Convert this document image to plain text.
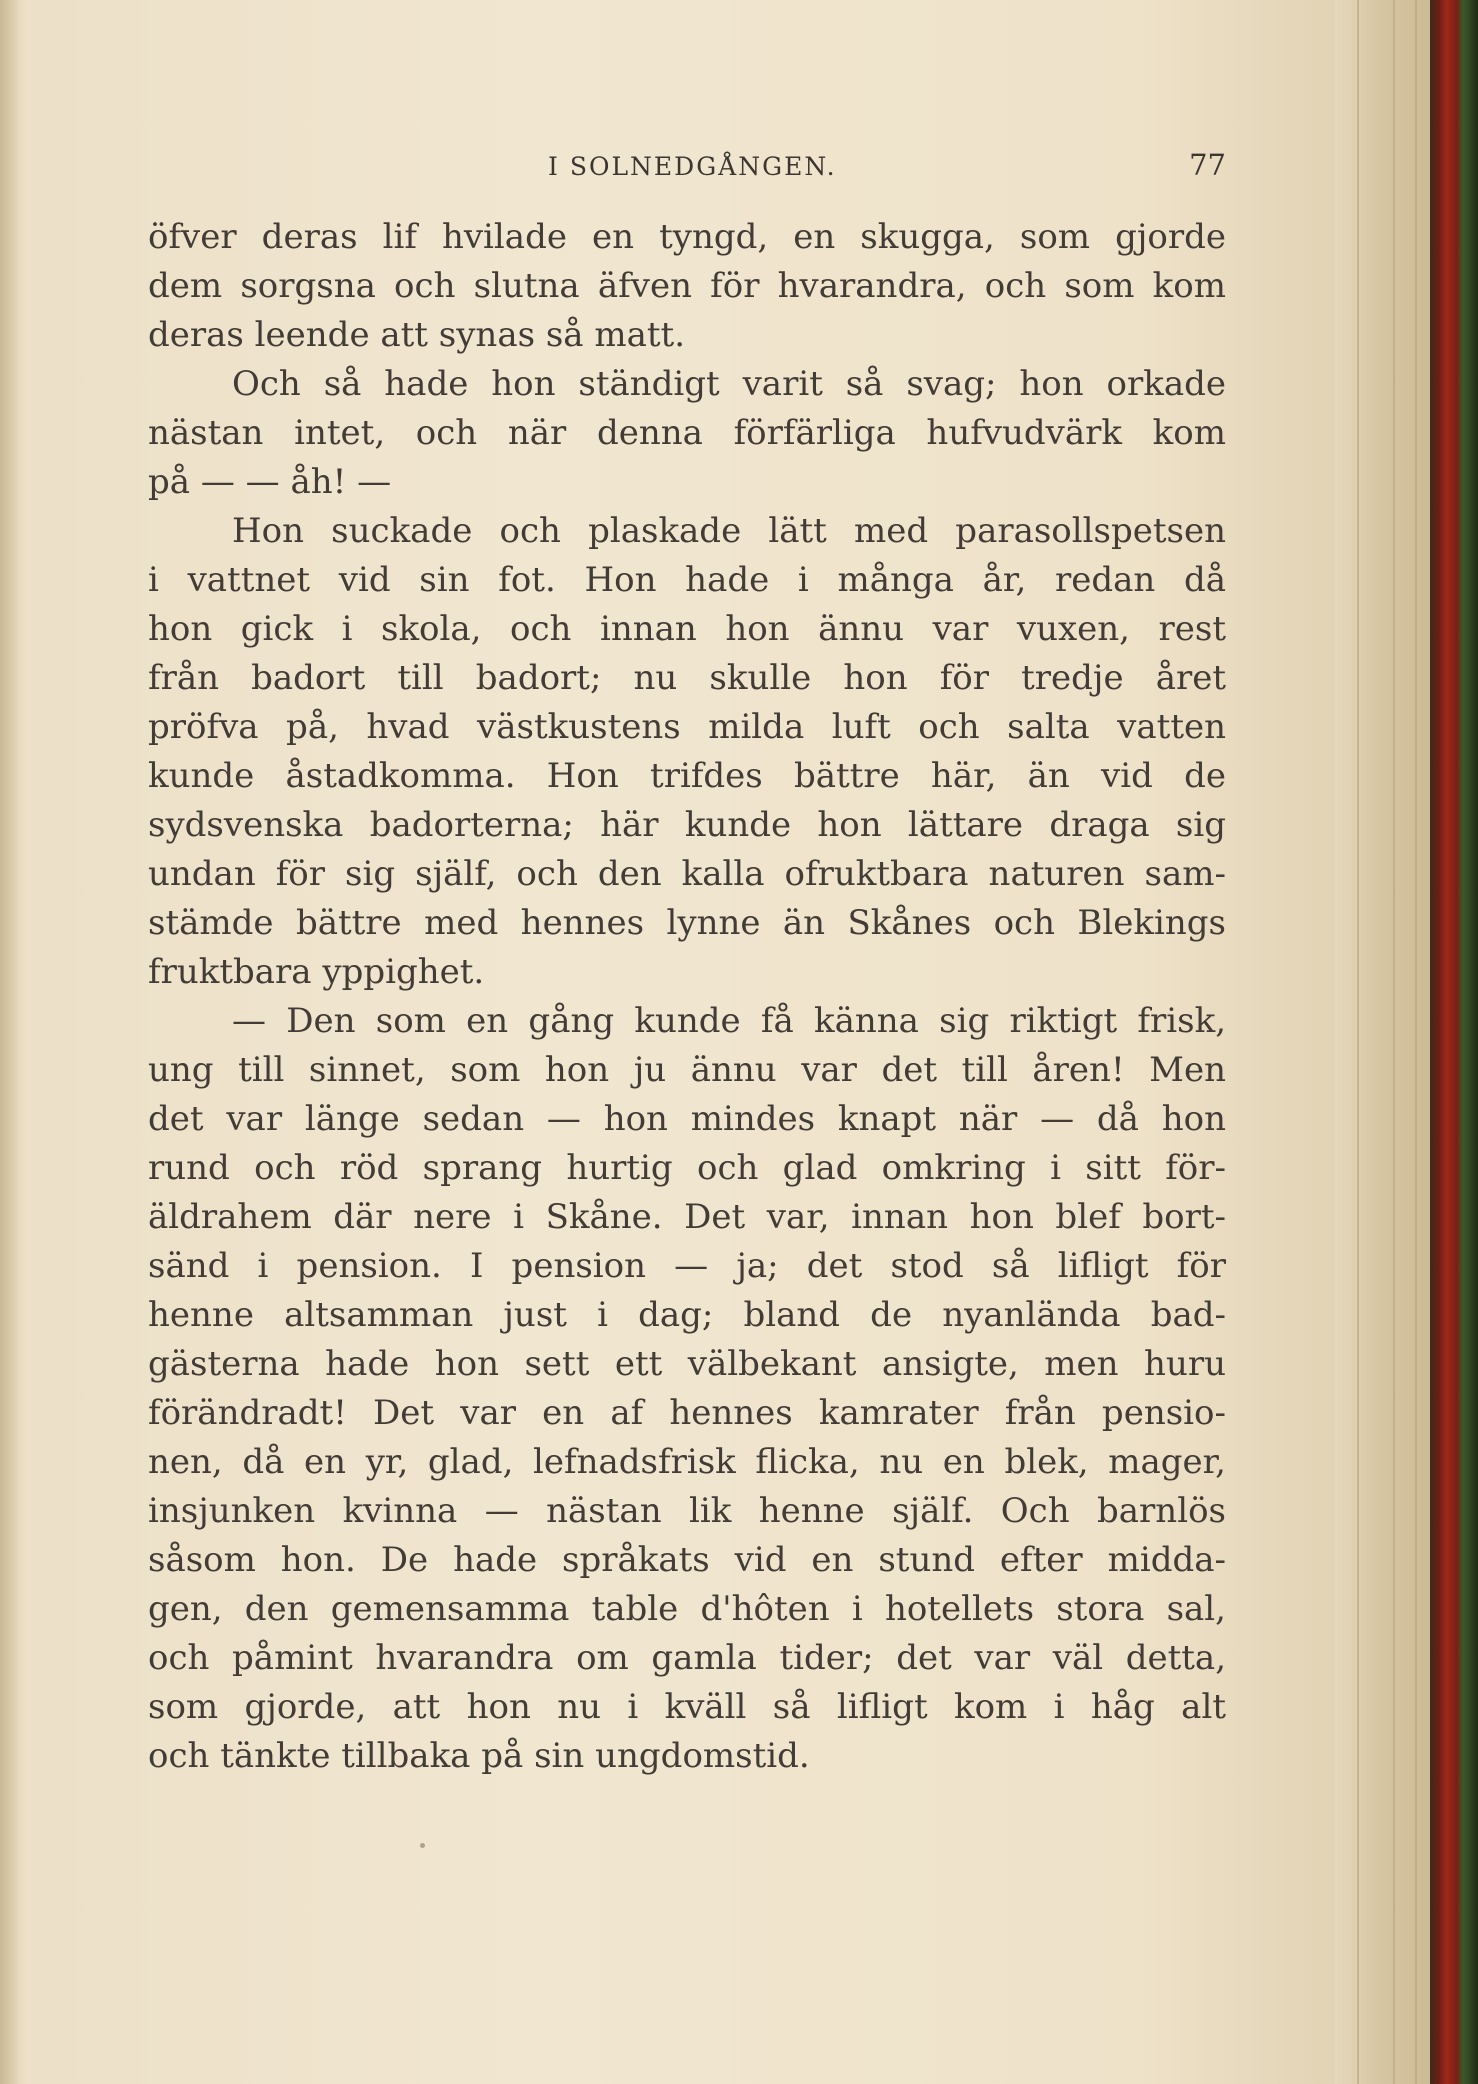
I SOLNEDGÅNGEN.	77
öfver deras lif hvilade en tyngd, en skugga, som gjorde
dem sorgsna och slutna äfven för hvarandra, och som kom
deras leende att synas så matt.
Och så hade hon ständigt varit så svag; hon orkade
nästan intet, och när denna förfärliga hufvudvärk kom
på — — åh! —
Hon suckade och plaskade lätt med parasollspetsen
i vattnet vid sin fot. Hon hade i många år, redan då
hon gick i skola, och innan hon ännu var vuxen, rest
från badort till badort; nu skulle hon för tredje året
pröfva på, hvad västkustens milda luft och salta vatten
kunde åstadkomma. Hon trifdes bättre här, än vid de
sydsvenska badorterna; här kunde hon lättare draga sig
undan för sig själf, och den kalla ofruktbara naturen sam-
stämde bättre med hennes lynne än Skånes och Blekings
fruktbara yppighet.
— Den som en gång kunde få känna sig riktigt frisk,
ung till sinnet, som hon ju ännu var det till åren! Men
det var länge sedan — hon mindes knapt när — då hon
rund och röd sprang hurtig och glad omkring i sitt för-
äldrahem där nere i Skåne. Det var, innan hon blef bort-
sänd i pension. I pension — ja; det stod så lifligt för
henne altsamman just i dag; bland de nyanlända bad-
gästerna hade hon sett ett välbekant ansigte, men huru
förändradt! Det var en af hennes kamrater från pensio-
nen, då en yr, glad, lefnadsfrisk flicka, nu en blek, mager,
insjunken kvinna — nästan lik henne själf. Och barnlös
såsom hon. De hade språkats vid en stund efter midda-
gen, den gemensamma table d'hôten i hotellets stora sal,
och påmint hvarandra om gamla tider; det var väl detta,
som gjorde, att hon nu i kväll så lifligt kom i håg alt
och tänkte tillbaka på sin ungdomstid.
